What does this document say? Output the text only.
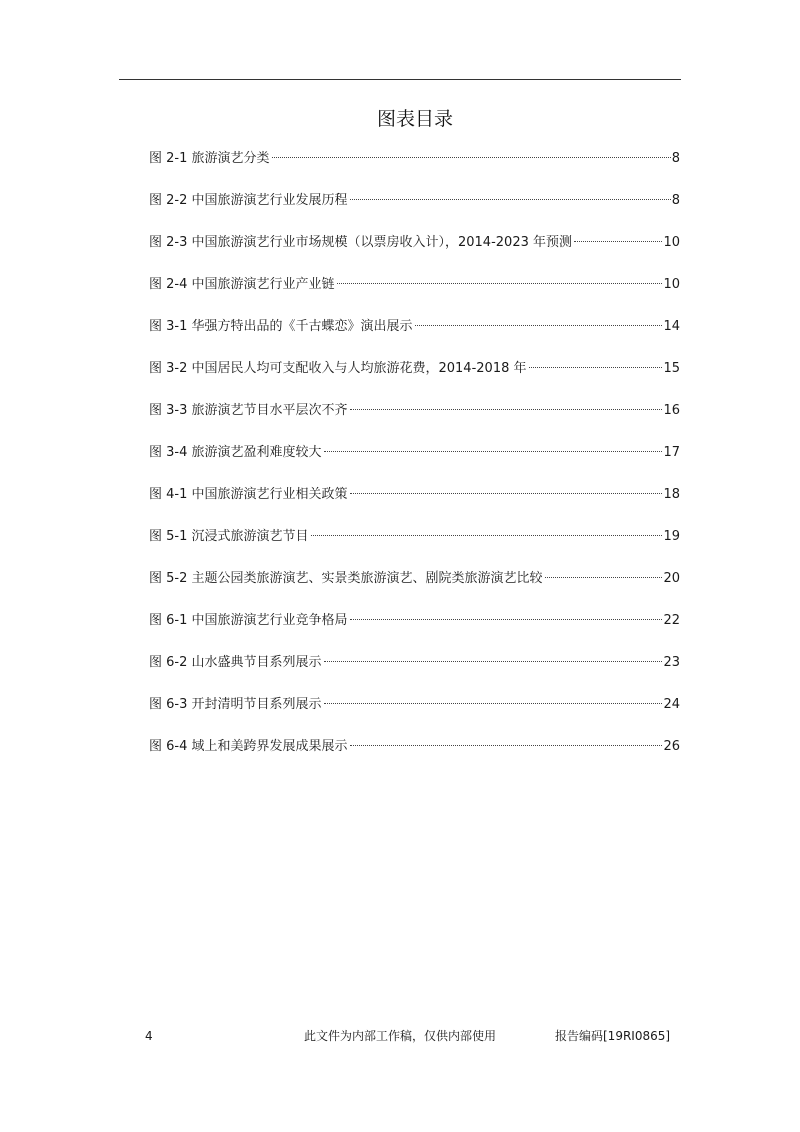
图表目录
图 2-1 旅游演艺分类	8
图 2-2 中国旅游演艺行业发展历程	8
图 2-3 中国旅游演艺行业市场规模（以票房收入计），2014-2023 年预测	10
图 2-4 中国旅游演艺行业产业链	10
图 3-1 华强方特出品的《千古蝶恋》演出展示	14
图 3-2 中国居民人均可支配收入与人均旅游花费，2014-2018 年	15
图 3-3 旅游演艺节目水平层次不齐	16
图 3-4 旅游演艺盈利难度较大	17
图 4-1 中国旅游演艺行业相关政策	18
图 5-1 沉浸式旅游演艺节目	19
图 5-2 主题公园类旅游演艺、实景类旅游演艺、剧院类旅游演艺比较	20
图 6-1 中国旅游演艺行业竞争格局	22
图 6-2 山水盛典节目系列展示	23
图 6-3 开封清明节目系列展示	24
图 6-4 域上和美跨界发展成果展示	26
4	此文件为内部工作稿，仅供内部使用	报告编码[19RI0865]
